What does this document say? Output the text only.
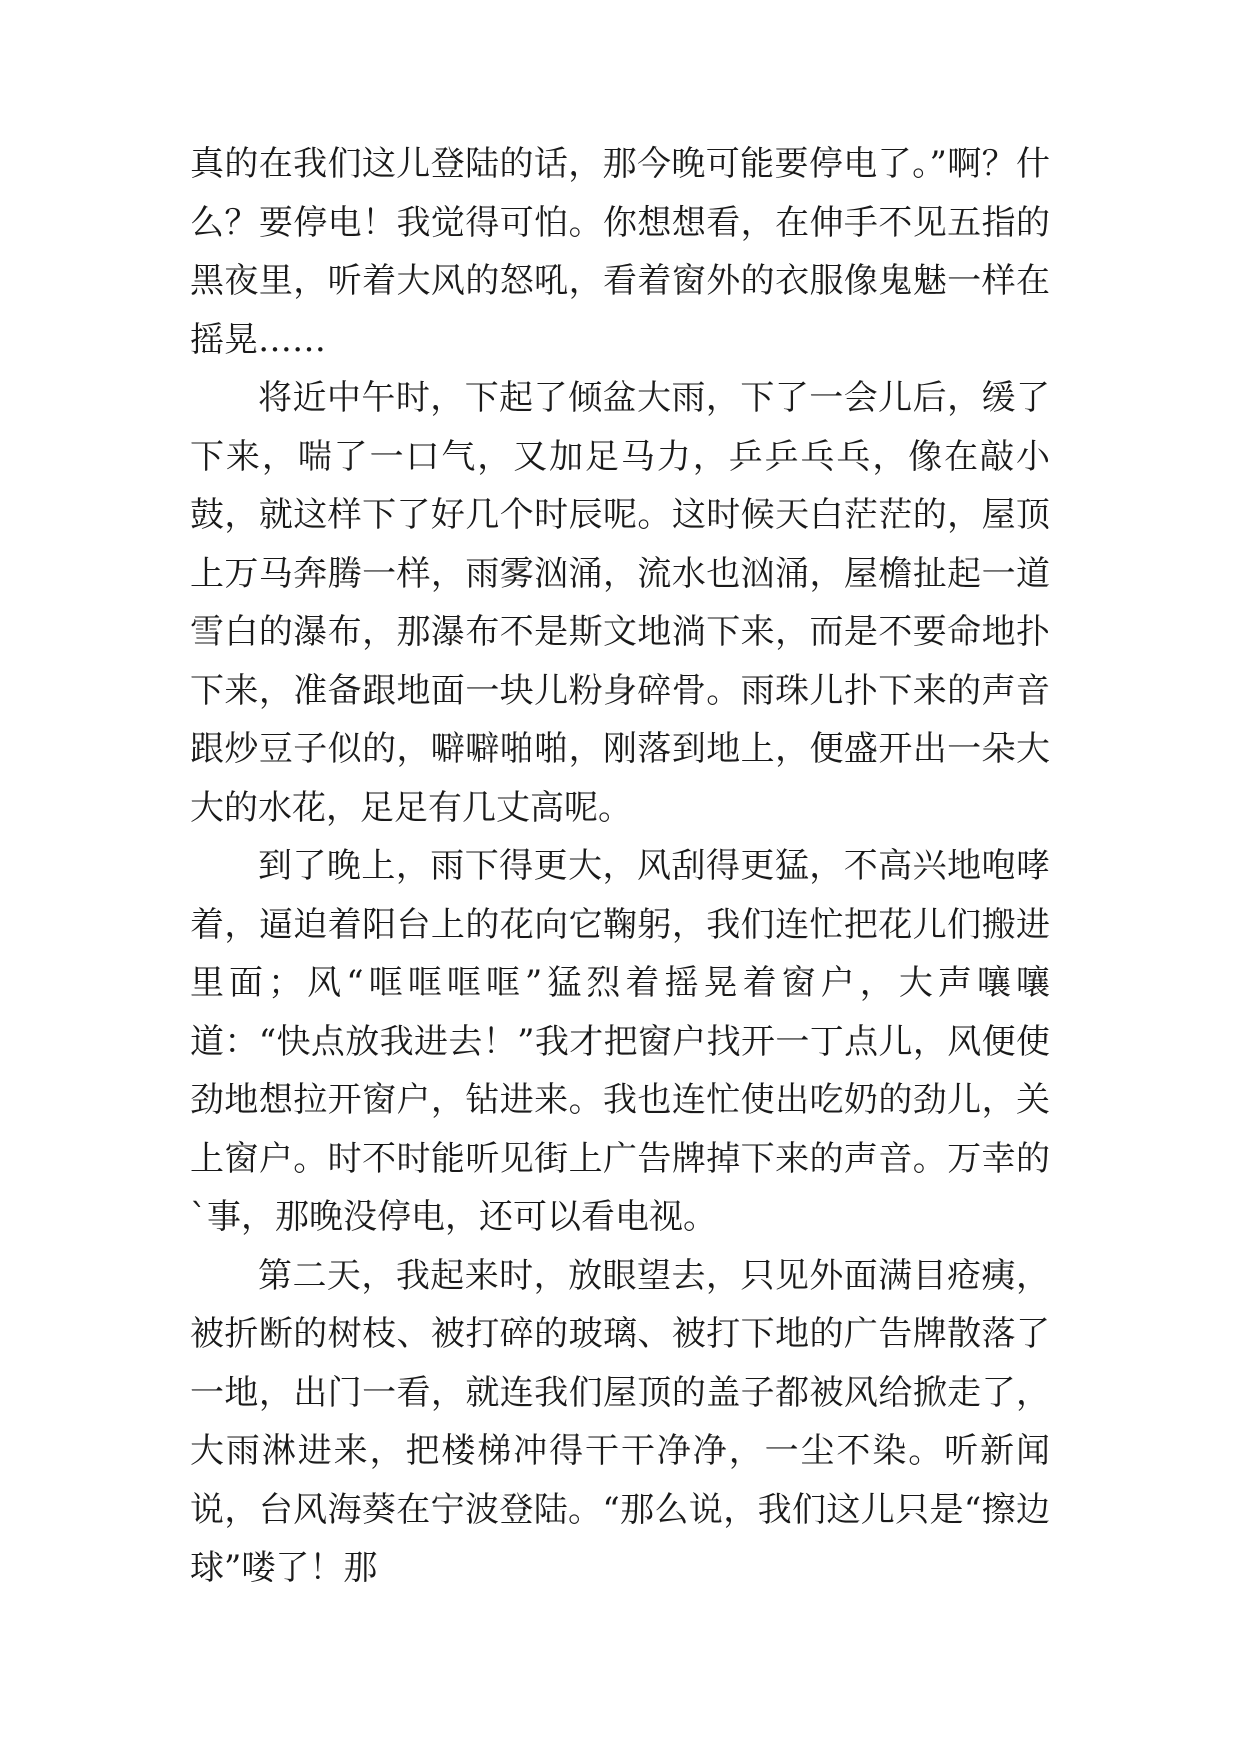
真的在我们这儿登陆的话，那今晚可能要停电了。”啊？什么？要停电！我觉得可怕。你想想看，在伸手不见五指的黑夜里，听着大风的怒吼，看着窗外的衣服像鬼魅一样在摇晃……

将近中午时，下起了倾盆大雨，下了一会儿后，缓了下来，喘了一口气，又加足马力，乒乒乓乓，像在敲小鼓，就这样下了好几个时辰呢。这时候天白茫茫的，屋顶上万马奔腾一样，雨雾汹涌，流水也汹涌，屋檐扯起一道雪白的瀑布，那瀑布不是斯文地淌下来，而是不要命地扑下来，准备跟地面一块儿粉身碎骨。雨珠儿扑下来的声音跟炒豆子似的，噼噼啪啪，刚落到地上，便盛开出一朵大大的水花，足足有几丈高呢。

到了晚上，雨下得更大，风刮得更猛，不高兴地咆哮着，逼迫着阳台上的花向它鞠躬，我们连忙把花儿们搬进里面；风“哐哐哐哐”猛烈着摇晃着窗户，大声嚷嚷道：“快点放我进去！”我才把窗户找开一丁点儿，风便使劲地想拉开窗户，钻进来。我也连忙使出吃奶的劲儿，关上窗户。时不时能听见街上广告牌掉下来的声音。万幸的`事，那晚没停电，还可以看电视。

第二天，我起来时，放眼望去，只见外面满目疮痍，被折断的树枝、被打碎的玻璃、被打下地的广告牌散落了一地，出门一看，就连我们屋顶的盖子都被风给掀走了，大雨淋进来，把楼梯冲得干干净净，一尘不染。听新闻说，台风海葵在宁波登陆。“那么说，我们这儿只是“擦边球”喽了！那
